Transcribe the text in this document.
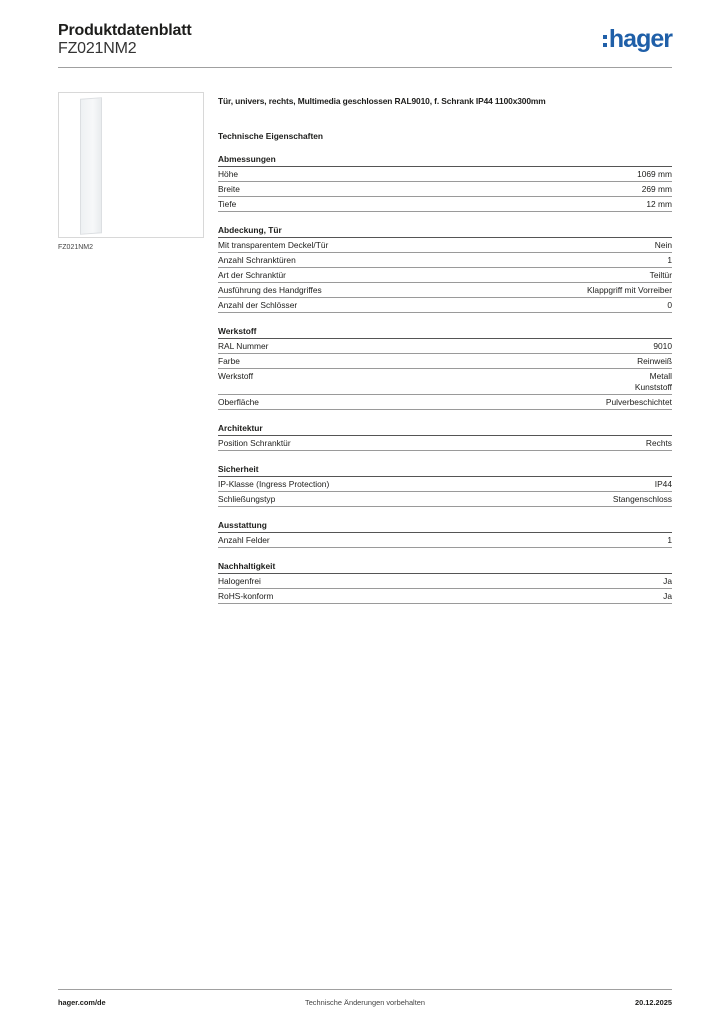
Produktdatenblatt
FZ021NM2	hager
FZ021NM2
Tür, univers, rechts, Multimedia geschlossen RAL9010, f. Schrank IP44 1100x300mm
Technische Eigenschaften
Abmessungen
Höhe	1069 mm
Breite	269 mm
Tiefe	12 mm
Abdeckung, Tür
Mit transparentem Deckel/Tür	Nein
Anzahl Schranktüren	1
Art der Schranktür	Teiltür
Ausführung des Handgriffes	Klappgriff mit Vorreiber
Anzahl der Schlösser	0
Werkstoff
RAL Nummer	9010
Farbe	Reinweiß
Werkstoff	Metall
Kunststoff
Oberfläche	Pulverbeschichtet
Architektur
Position Schranktür	Rechts
Sicherheit
IP-Klasse (Ingress Protection)	IP44
Schließungstyp	Stangenschloss
Ausstattung
Anzahl Felder	1
Nachhaltigkeit
Halogenfrei	Ja
RoHS-konform	Ja
hager.com/de	Technische Änderungen vorbehalten	20.12.2025
